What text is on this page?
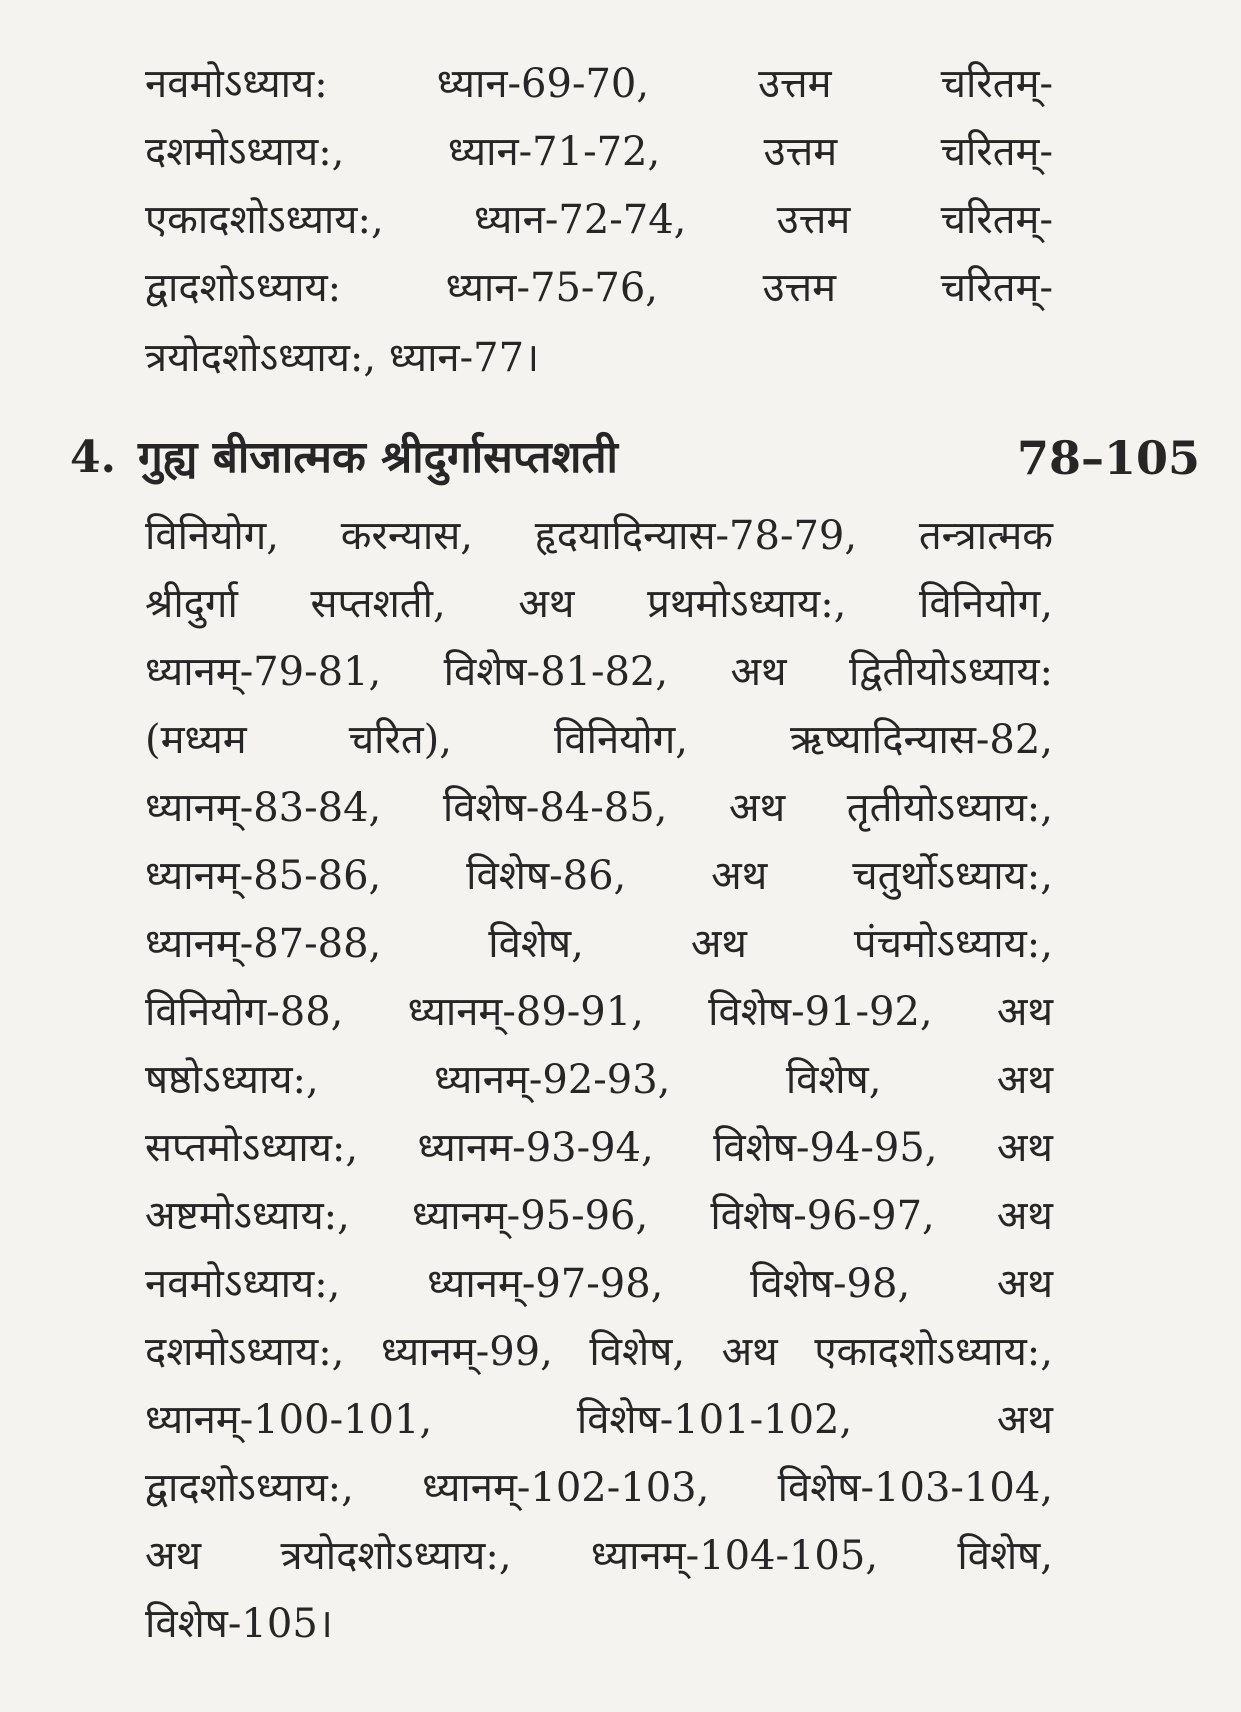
नवमोऽध्याय: ध्यान-69-70, उत्तम चरितम्-
दशमोऽध्याय:, ध्यान-71-72, उत्तम चरितम्-
एकादशोऽध्याय:, ध्यान-72-74, उत्तम चरितम्-
द्वादशोऽध्याय: ध्यान-75-76, उत्तम चरितम्-
त्रयोदशोऽध्याय:, ध्यान-77।
4. गुह्य बीजात्मक श्रीदुर्गासप्तशती	78–105
विनियोग, करन्यास, हृदयादिन्यास-78-79, तन्त्रात्मक
श्रीदुर्गा सप्तशती, अथ प्रथमोऽध्याय:, विनियोग,
ध्यानम्-79-81, विशेष-81-82, अथ द्वितीयोऽध्याय:
(मध्यम चरित), विनियोग, ऋष्यादिन्यास-82,
ध्यानम्-83-84, विशेष-84-85, अथ तृतीयोऽध्याय:,
ध्यानम्-85-86, विशेष-86, अथ चतुर्थोऽध्याय:,
ध्यानम्-87-88, विशेष, अथ पंचमोऽध्याय:,
विनियोग-88, ध्यानम्-89-91, विशेष-91-92, अथ
षष्ठोऽध्याय:, ध्यानम्-92-93, विशेष, अथ
सप्तमोऽध्याय:, ध्यानम-93-94, विशेष-94-95, अथ
अष्टमोऽध्याय:, ध्यानम्-95-96, विशेष-96-97, अथ
नवमोऽध्याय:, ध्यानम्-97-98, विशेष-98, अथ
दशमोऽध्याय:, ध्यानम्-99, विशेष, अथ एकादशोऽध्याय:,
ध्यानम्-100-101, विशेष-101-102, अथ
द्वादशोऽध्याय:, ध्यानम्-102-103, विशेष-103-104,
अथ त्रयोदशोऽध्याय:, ध्यानम्-104-105, विशेष,
विशेष-105।
